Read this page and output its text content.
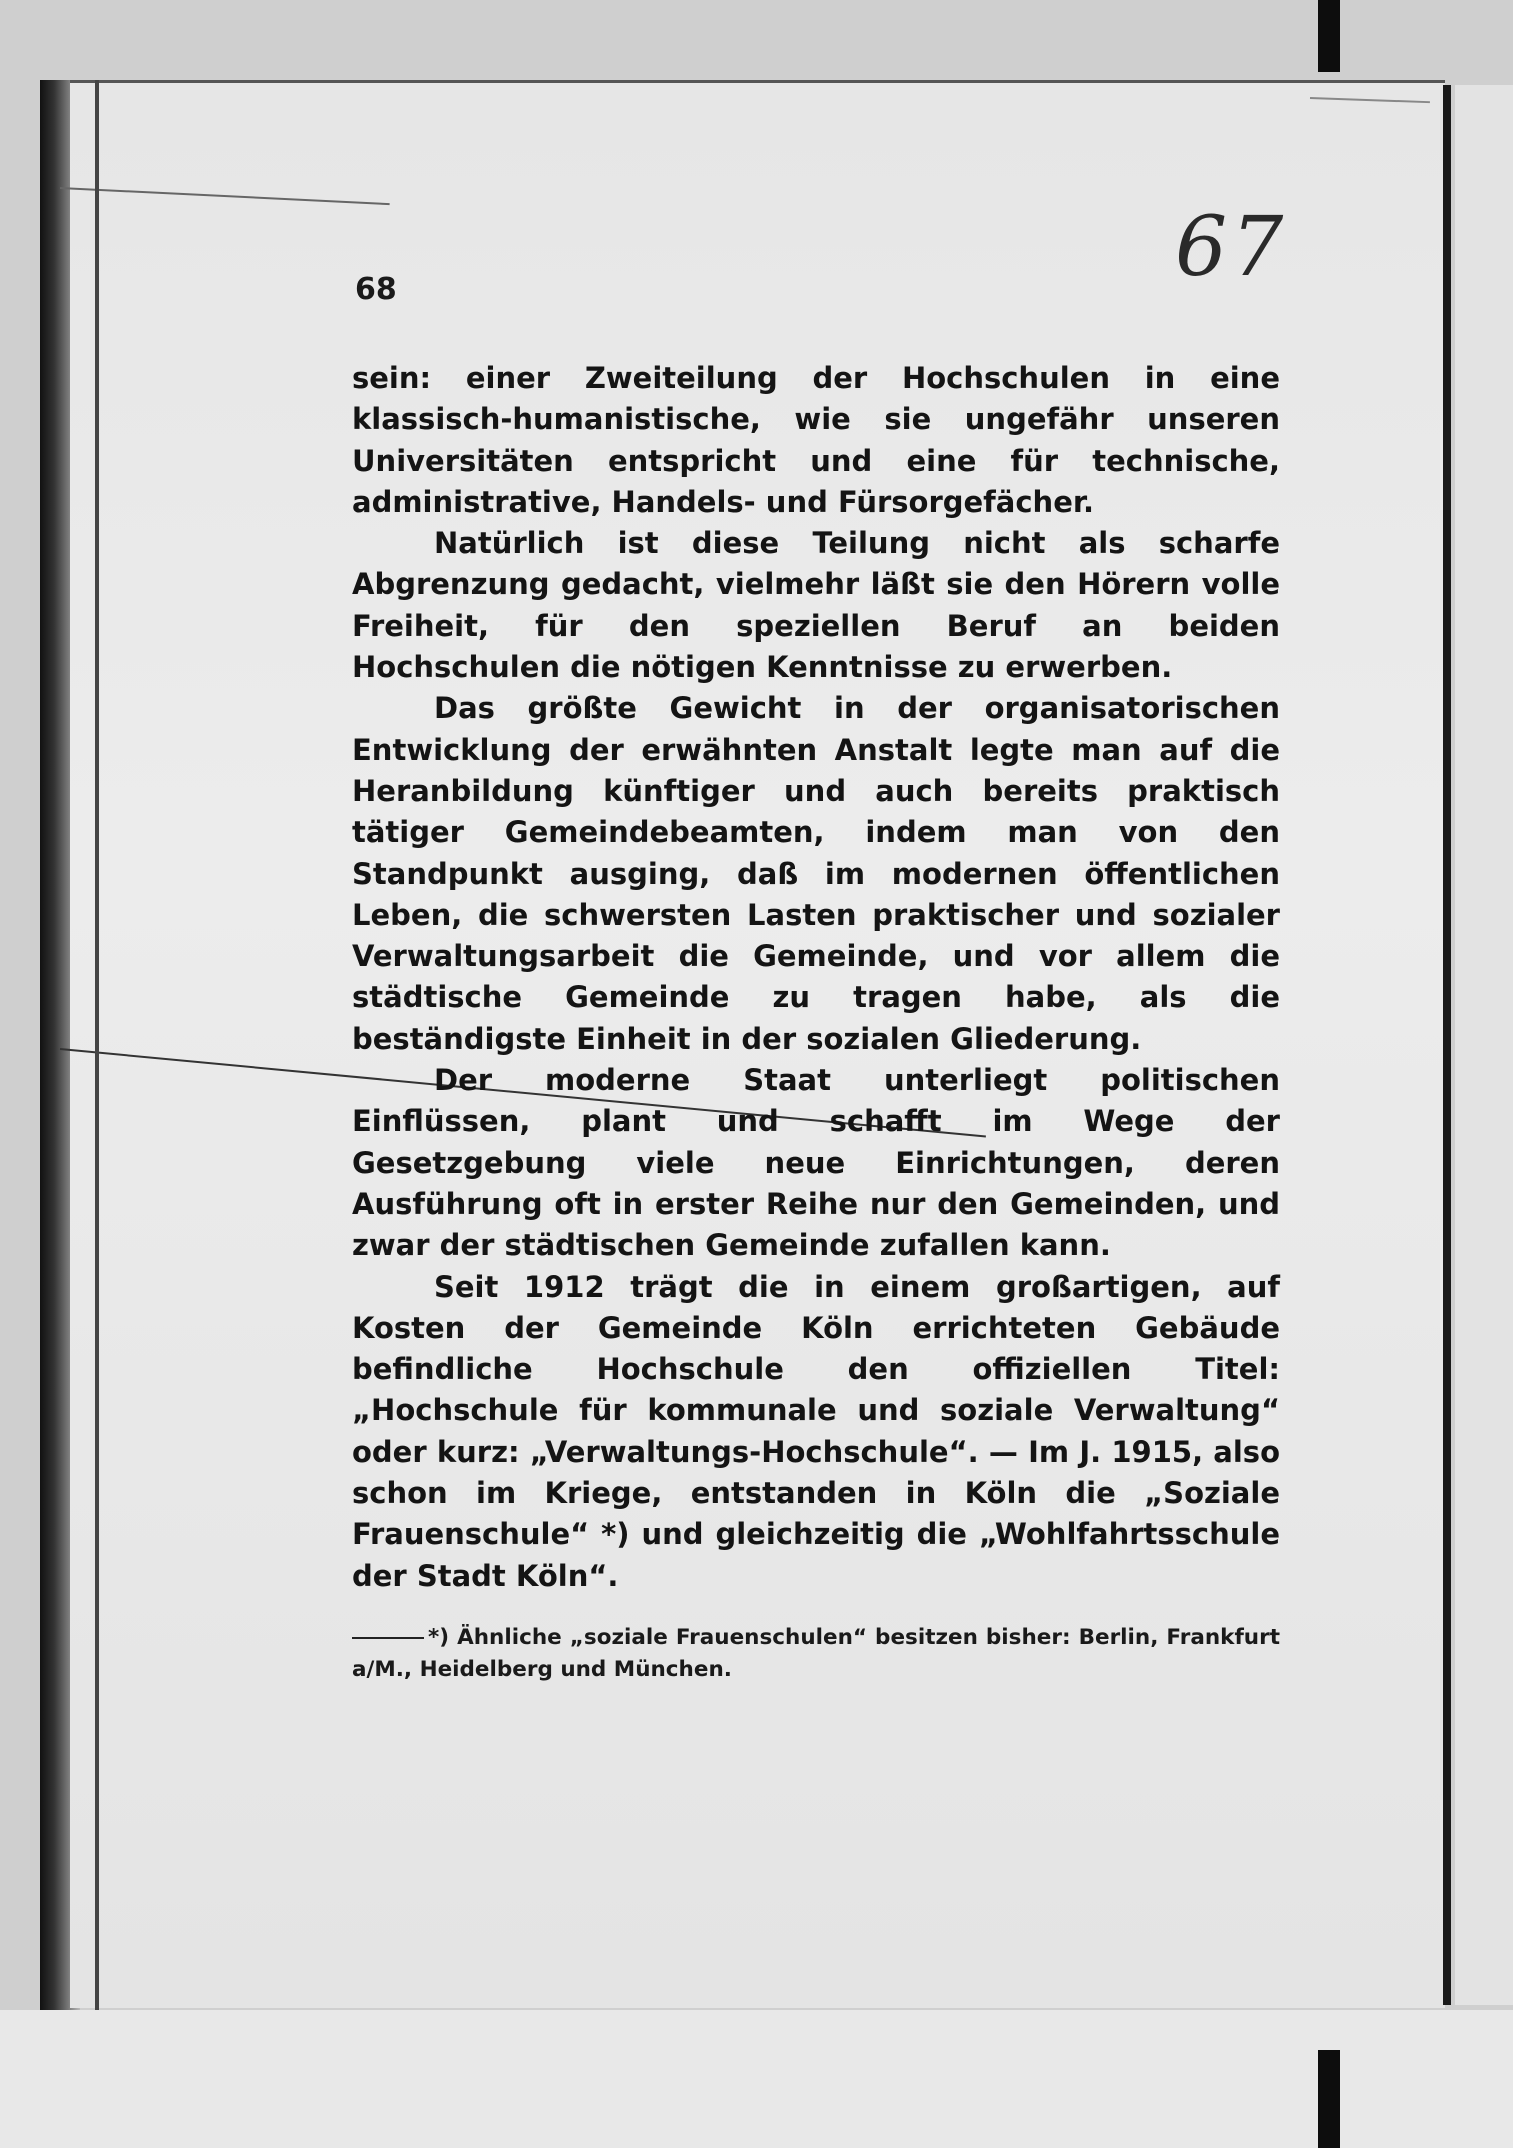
67
68

sein: einer Zweiteilung der Hochschulen in eine klassisch-humanistische, wie sie ungefähr unseren Universitäten entspricht und eine für technische, administrative, Handels- und Fürsorgefächer.

Natürlich ist diese Teilung nicht als scharfe Abgrenzung gedacht, vielmehr läßt sie den Hörern volle Freiheit, für den speziellen Beruf an beiden Hochschulen die nötigen Kenntnisse zu erwerben.

Das größte Gewicht in der organisatorischen Entwicklung der erwähnten Anstalt legte man auf die Heranbildung künftiger und auch bereits praktisch tätiger Gemeindebeamten, indem man von den Standpunkt ausging, daß im modernen öffentlichen Leben, die schwersten Lasten praktischer und sozialer Verwaltungsarbeit die Gemeinde, und vor allem die städtische Gemeinde zu tragen habe, als die beständigste Einheit in der sozialen Gliederung.

Der moderne Staat unterliegt politischen Einflüssen, plant und schafft im Wege der Gesetzgebung viele neue Einrichtungen, deren Ausführung oft in erster Reihe nur den Gemeinden, und zwar der städtischen Gemeinde zufallen kann.

Seit 1912 trägt die in einem großartigen, auf Kosten der Gemeinde Köln errichteten Gebäude befindliche Hochschule den offiziellen Titel: „Hochschule für kommunale und soziale Verwaltung“ oder kurz: „Verwaltungs-Hochschule“. — Im J. 1915, also schon im Kriege, entstanden in Köln die „Soziale Frauenschule“ *) und gleichzeitig die „Wohlfahrtsschule der Stadt Köln“.

*) Ähnliche „soziale Frauenschulen“ besitzen bisher: Berlin, Frankfurt a/M., Heidelberg und München.
